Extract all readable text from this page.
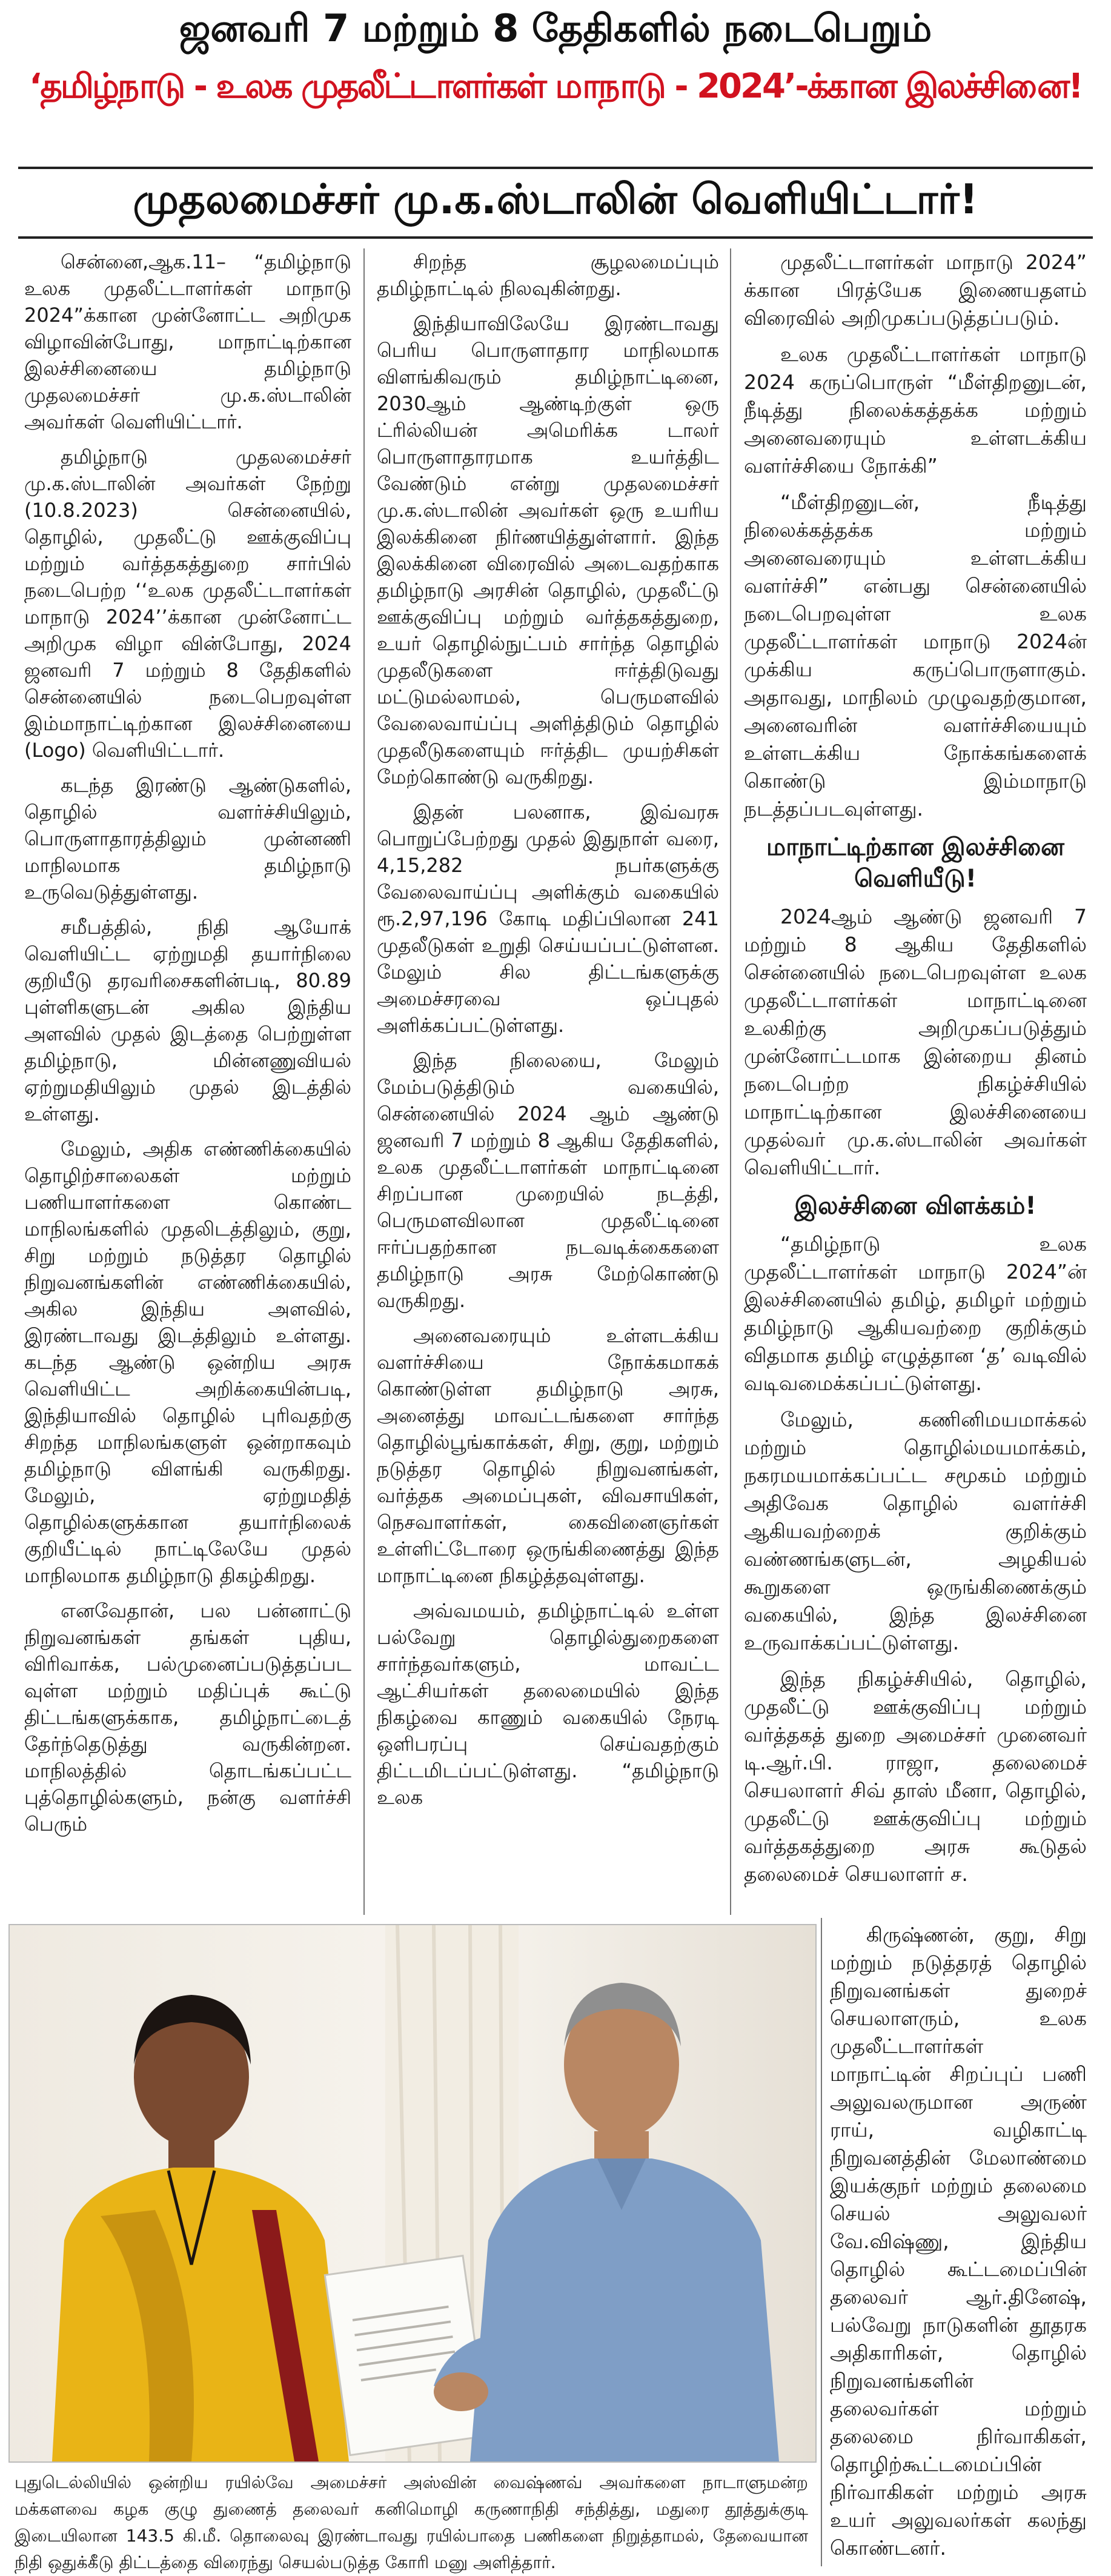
ஜனவரி 7 மற்றும் 8 தேதிகளில் நடைபெறும்
‘தமிழ்நாடு - உலக முதலீட்டாளர்கள் மாநாடு - 2024’-க்கான இலச்சினை!
முதலமைச்சர் மு.க.ஸ்டாலின் வெளியிட்டார்!

சென்னை,ஆக.11– “தமிழ்நாடு உலக முதலீட்டாளர்கள் மாநாடு 2024”க்கான முன்னோட்ட அறிமுக விழாவின்போது, மாநாட்டிற்கான இலச்சினையை தமிழ்நாடு முதலமைச்சர் மு.க.ஸ்டாலின் அவர்கள் வெளியிட்டார்.

தமிழ்நாடு முதலமைச்சர் மு.க.ஸ்டாலின் அவர்கள் நேற்று (10.8.2023) சென்னையில், தொழில், முதலீட்டு ஊக்குவிப்பு மற்றும் வர்த்தகத்துறை சார்பில் நடைபெற்ற ‘‘உலக முதலீட்டாளர்கள் மாநாடு 2024’’க்கான முன்னோட்ட அறிமுக விழா வின்போது, 2024 ஜனவரி 7 மற்றும் 8 தேதிகளில் சென்னையில் நடைபெறவுள்ள இம்மாநாட்டிற்கான இலச்சினையை (Logo) வெளியிட்டார்.

கடந்த இரண்டு ஆண்டுகளில், தொழில் வளர்ச்சியிலும், பொருளாதாரத்திலும் முன்னணி மாநிலமாக தமிழ்நாடு உருவெடுத்துள்ளது.

சமீபத்தில், நிதி ஆயோக் வெளியிட்ட ஏற்றுமதி தயார்நிலை குறியீடு தரவரிசைகளின்படி, 80.89 புள்ளிகளுடன் அகில இந்திய அளவில் முதல் இடத்தை பெற்றுள்ள தமிழ்நாடு, மின்னணுவியல் ஏற்றுமதியிலும் முதல் இடத்தில் உள்ளது.

மேலும், அதிக எண்ணிக்கையில் தொழிற்சாலைகள் மற்றும் பணியாளர்களை கொண்ட மாநிலங்களில் முதலிடத்திலும், குறு, சிறு மற்றும் நடுத்தர தொழில் நிறுவனங்களின் எண்ணிக்கையில், அகில இந்திய அளவில், இரண்டாவது இடத்திலும் உள்ளது. கடந்த ஆண்டு ஒன்றிய அரசு வெளியிட்ட அறிக்கையின்படி, இந்தியாவில் தொழில் புரிவதற்கு சிறந்த மாநிலங்களுள் ஒன்றாகவும் தமிழ்நாடு விளங்கி வருகிறது. மேலும், ஏற்றுமதித் தொழில்களுக்கான தயார்நிலைக் குறியீட்டில் நாட்டிலேயே முதல் மாநிலமாக தமிழ்நாடு திகழ்கிறது.

எனவேதான், பல பன்னாட்டு நிறுவனங்கள் தங்கள் புதிய, விரிவாக்க, பல்முனைப்படுத்தப்பட வுள்ள மற்றும் மதிப்புக் கூட்டு திட்டங்களுக்காக, தமிழ்நாட்டைத் தேர்ந்தெடுத்து வருகின்றன. மாநிலத்தில் தொடங்கப்பட்ட புத்தொழில்களும், நன்கு வளர்ச்சி பெரும்

சிறந்த சூழலமைப்பும் தமிழ்நாட்டில் நிலவுகின்றது.

இந்தியாவிலேயே இரண்டாவது பெரிய பொருளாதார மாநிலமாக விளங்கிவரும் தமிழ்நாட்டினை, 2030ஆம் ஆண்டிற்குள் ஒரு ட்ரில்லியன் அமெரிக்க டாலர் பொருளாதாரமாக உயர்த்திட வேண்டும் என்று முதலமைச்சர் மு.க.ஸ்டாலின் அவர்கள் ஒரு உயரிய இலக்கினை நிர்ணயித்துள்ளார். இந்த இலக்கினை விரைவில் அடைவதற்காக தமிழ்நாடு அரசின் தொழில், முதலீட்டு ஊக்குவிப்பு மற்றும் வர்த்தகத்துறை, உயர் தொழில்நுட்பம் சார்ந்த தொழில் முதலீடுகளை ஈர்த்திடுவது மட்டுமல்லாமல், பெருமளவில் வேலைவாய்ப்பு அளித்திடும் தொழில் முதலீடுகளையும் ஈர்த்திட முயற்சிகள் மேற்கொண்டு வருகிறது.

இதன் பலனாக, இவ்வரசு பொறுப்பேற்றது முதல் இதுநாள் வரை, 4,15,282 நபர்களுக்கு வேலைவாய்ப்பு அளிக்கும் வகையில் ரூ.2,97,196 கோடி மதிப்பிலான 241 முதலீடுகள் உறுதி செய்யப்பட்டுள்ளன. மேலும் சில திட்டங்களுக்கு அமைச்சரவை ஒப்புதல் அளிக்கப்பட்டுள்ளது.

இந்த நிலையை, மேலும் மேம்படுத்திடும் வகையில், சென்னையில் 2024 ஆம் ஆண்டு ஜனவரி 7 மற்றும் 8 ஆகிய தேதிகளில், உலக முதலீட்டாளர்கள் மாநாட்டினை சிறப்பான முறையில் நடத்தி, பெருமளவிலான முதலீட்டினை ஈர்ப்பதற்கான நடவடிக்கைகளை தமிழ்நாடு அரசு மேற்கொண்டு வருகிறது.

அனைவரையும் உள்ளடக்கிய வளர்ச்சியை நோக்கமாகக் கொண்டுள்ள தமிழ்நாடு அரசு, அனைத்து மாவட்டங்களை சார்ந்த தொழில்பூங்காக்கள், சிறு, குறு, மற்றும் நடுத்தர தொழில் நிறுவனங்கள், வர்த்தக அமைப்புகள், விவசாயிகள், நெசவாளர்கள், கைவினைஞர்கள் உள்ளிட்டோரை ஒருங்கிணைத்து இந்த மாநாட்டினை நிகழ்த்தவுள்ளது.

அவ்வமயம், தமிழ்நாட்டில் உள்ள பல்வேறு தொழில்துறைகளை சார்ந்தவர்களும், மாவட்ட ஆட்சியர்கள் தலைமையில் இந்த நிகழ்வை காணும் வகையில் நேரடி ஒளிபரப்பு செய்வதற்கும் திட்டமிடப்பட்டுள்ளது. “தமிழ்நாடு உலக

முதலீட்டாளர்கள் மாநாடு 2024” க்கான பிரத்யேக இணையதளம் விரைவில் அறிமுகப்படுத்தப்படும்.

உலக முதலீட்டாளர்கள் மாநாடு 2024 கருப்பொருள் “மீள்திறனுடன், நீடித்து நிலைக்கத்தக்க மற்றும் அனைவரையும் உள்ளடக்கிய வளர்ச்சியை நோக்கி”

“மீள்திறனுடன், நீடித்து நிலைக்கத்தக்க மற்றும் அனைவரையும் உள்ளடக்கிய வளர்ச்சி” என்பது சென்னையில் நடைபெறவுள்ள உலக முதலீட்டாளர்கள் மாநாடு 2024ன் முக்கிய கருப்பொருளாகும். அதாவது, மாநிலம் முழுவதற்குமான, அனைவரின் வளர்ச்சியையும் உள்ளடக்கிய நோக்கங்களைக் கொண்டு இம்மாநாடு நடத்தப்படவுள்ளது.

மாநாட்டிற்கான இலச்சினை வெளியீடு!

2024ஆம் ஆண்டு ஜனவரி 7 மற்றும் 8 ஆகிய தேதிகளில் சென்னையில் நடைபெறவுள்ள உலக முதலீட்டாளர்கள் மாநாட்டினை உலகிற்கு அறிமுகப்படுத்தும் முன்னோட்டமாக இன்றைய தினம் நடைபெற்ற நிகழ்ச்சியில் மாநாட்டிற்கான இலச்சினையை முதல்வர் மு.க.ஸ்டாலின் அவர்கள் வெளியிட்டார்.

இலச்சினை விளக்கம்!

“தமிழ்நாடு உலக முதலீட்டாளர்கள் மாநாடு 2024”ன் இலச்சினையில் தமிழ், தமிழர் மற்றும் தமிழ்நாடு ஆகியவற்றை குறிக்கும் விதமாக தமிழ் எழுத்தான ‘த’ வடிவில் வடிவமைக்கப்பட்டுள்ளது.

மேலும், கணினிமயமாக்கல் மற்றும் தொழில்மயமாக்கம், நகரமயமாக்கப்பட்ட சமூகம் மற்றும் அதிவேக தொழில் வளர்ச்சி ஆகியவற்றைக் குறிக்கும் வண்ணங்களுடன், அழகியல் கூறுகளை ஒருங்கிணைக்கும் வகையில், இந்த இலச்சினை உருவாக்கப்பட்டுள்ளது.

இந்த நிகழ்ச்சியில், தொழில், முதலீட்டு ஊக்குவிப்பு மற்றும் வர்த்தகத் துறை அமைச்சர் முனைவர் டி.ஆர்.பி. ராஜா, தலைமைச் செயலாளர் சிவ் தாஸ் மீனா, தொழில், முதலீட்டு ஊக்குவிப்பு மற்றும் வர்த்தகத்துறை அரசு கூடுதல் தலைமைச் செயலாளர் ச.

கிருஷ்ணன், குறு, சிறு மற்றும் நடுத்தரத் தொழில் நிறுவனங்கள் துறைச் செயலாளரும், உலக முதலீட்டாளர்கள் மாநாட்டின் சிறப்புப் பணி அலுவலருமான அருண் ராய், வழிகாட்டி நிறுவனத்தின் மேலாண்மை இயக்குநர் மற்றும் தலைமை செயல் அலுவலர் வே.விஷ்ணு, இந்திய தொழில் கூட்டமைப்பின் தலைவர் ஆர்.தினேஷ், பல்வேறு நாடுகளின் தூதரக அதிகாரிகள், தொழில் நிறுவனங்களின் தலைவர்கள் மற்றும் தலைமை நிர்வாகிகள், தொழிற்கூட்டமைப்பின் நிர்வாகிகள் மற்றும் அரசு உயர் அலுவலர்கள் கலந்து கொண்டனர்.

புதுடெல்லியில் ஒன்றிய ரயில்வே அமைச்சர் அஸ்வின் வைஷ்ணவ் அவர்களை நாடாளுமன்ற மக்களவை கழக குழு துணைத் தலைவர் கனிமொழி கருணாநிதி சந்தித்து, மதுரை தூத்துக்குடி இடையிலான 143.5 கி.மீ. தொலைவு இரண்டாவது ரயில்பாதை பணிகளை நிறுத்தாமல், தேவையான நிதி ஒதுக்கீடு திட்டத்தை விரைந்து செயல்படுத்த கோரி மனு அளித்தார்.
